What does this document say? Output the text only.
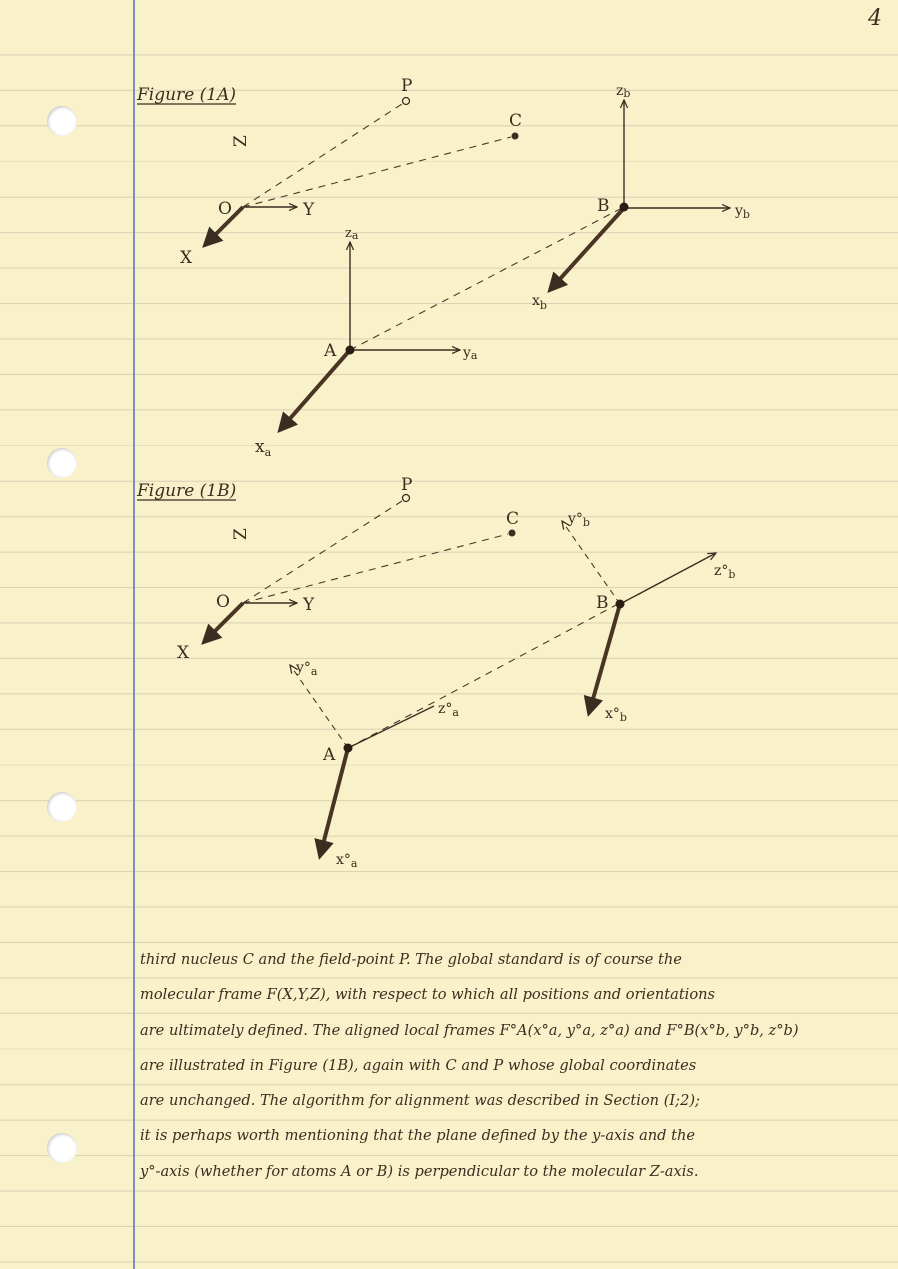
4
Figure (1A)	P
C
Y
O
Z
X
za
ya
$x_a$
A
zb
$y_b$
$x_b$
B
Figure (1B)	P
C
Y
O
Z
X
$y^\circ_a$
$z^\circ_a$
$x^\circ_a$
A
$y^\circ_b$
$z^\circ_b$
$x^\circ_b$
B
third nucleus C and the field-point P. The global standard is of course the
molecular frame F(X,Y,Z), with respect to which all positions and orientations
are ultimately defined. The aligned local frames F°A(x°a, y°a, z°a) and F°B(x°b, y°b, z°b)
are illustrated in Figure (1B), again with C and P whose global coordinates
are unchanged. The algorithm for alignment was described in Section (I;2);
it is perhaps worth mentioning that the plane defined by the y-axis and the
y°-axis (whether for atoms A or B) is perpendicular to the molecular Z-axis.
